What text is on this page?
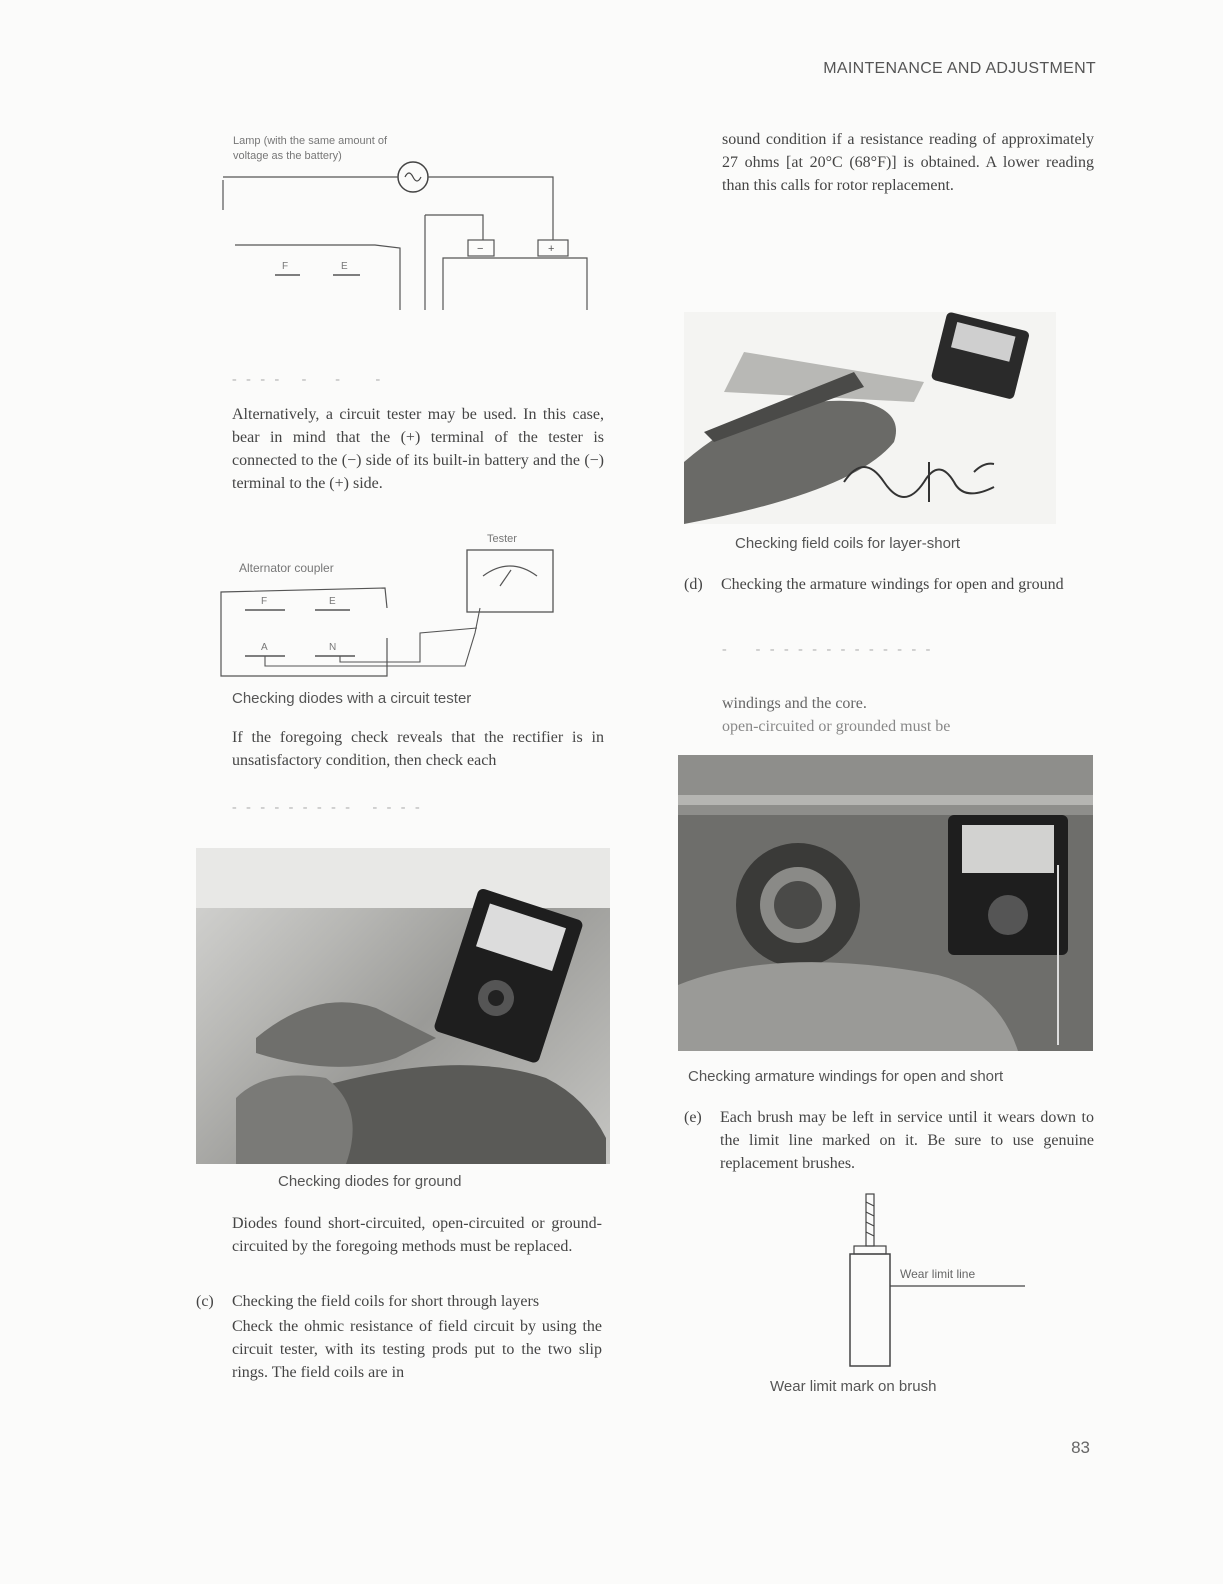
MAINTENANCE AND ADJUSTMENT
Lamp (with the same amount of
voltage as the battery)
F	E
−	+
- - - -   -    -     -
Alternatively, a circuit tester may be used. In this case, bear in mind that the (+) terminal of the tester is connected to the (−) side of its built-in battery and the (−) terminal to the (+) side.
Tester
Alternator coupler
F	E
A	N
Checking diodes with a circuit tester
If the foregoing check reveals that the rectifier is in unsatisfactory condition, then check each
- - - - - - - - -   - - - -
Checking diodes for ground
Diodes found short-circuited, open-circuited or ground-circuited by the foregoing methods must be replaced.
(c) Checking the field coils for short through layers
Check the ohmic resistance of field circuit by using the circuit tester, with its testing prods put to the two slip rings. The field coils are in
sound condition if a resistance reading of approximately 27 ohms [at 20°C (68°F)] is obtained. A lower reading than this calls for rotor replacement.
Checking field coils for layer-short
(d) Checking the armature windings for open and ground
-    - - - - - - - - - - - - -
windings and the core.
open-circuited or grounded must be
Checking armature windings for open and short
(e) Each brush may be left in service until it wears down to the limit line marked on it. Be sure to use genuine replacement brushes.
Wear limit line
Wear limit mark on brush
83
